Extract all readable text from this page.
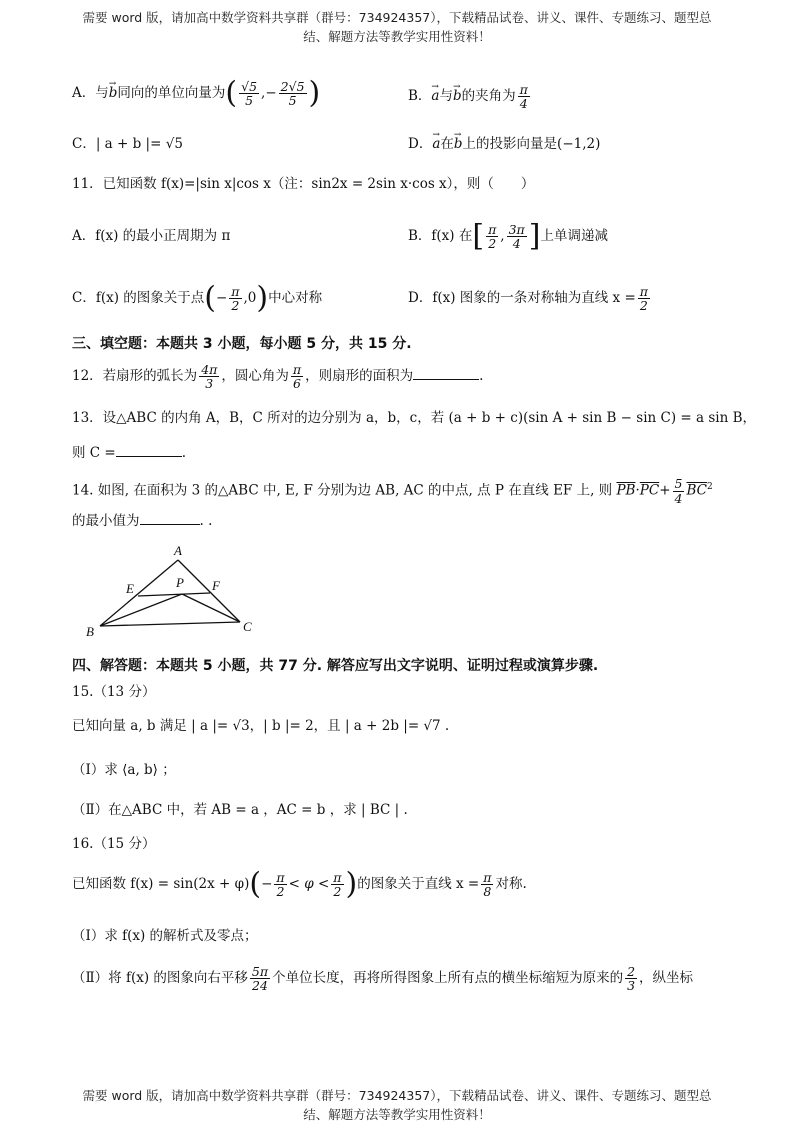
需要 word 版，请加高中数学资料共享群（群号：734924357），下载精品试卷、讲义、课件、专题练习、题型总
结、解题方法等教学实用性资料！
A．与→ b同向的单位向量为( $\frac{√5}{5}$ ,− $\frac{2√5}{5}$ )	B．→ a与→ b的夹角为 $\frac{\pi}{4}$
C．| a + b |= √5	D．→ a在→ b上的投影向量是(−1,2)
11．已知函数 f(x)=|sin x|cos x（注：sin2x = 2sin x·cos x），则（　　）
A．f(x) 的最小正周期为 π	B．f(x) 在[ $\frac{\pi}{2}$ , $\frac{3\pi}{4}$ ]上单调递减
C．f(x) 的图象关于点(− $\frac{\pi}{2} ,0$)中心对称	D．f(x) 图象的一条对称轴为直线 $x = \frac{\pi}{2}$
三、填空题：本题共 3 小题，每小题 5 分，共 15 分.
12．若扇形的弧长为 $\frac{4\pi}{3}$ ，圆心角为 $\frac{\pi}{6}$ ，则扇形的面积为	.
13．设△ABC 的内角 A，B，C 所对的边分别为 a，b，c，若 (a + b + c)(sin A + sin B − sin C) = a sin B，
则 C =	.
14. 如图, 在面积为 3 的△ABC 中, E, F 分别为边 AB, AC 的中点, 点 P 在直线 EF 上, 则 $\overline{PB}\cdot\overline{PC}+ \frac{5}{4} \overline{BC}^2$
的最小值为	. .
A
B	C
E	F
P
四、解答题：本题共 5 小题，共 77 分. 解答应写出文字说明、证明过程或演算步骤.
15.（13 分）
已知向量 a, b 满足 | a |= √3，| b |= 2，且 | a + 2b |= √7 .
（Ⅰ）求 ⟨a, b⟩ ；
（Ⅱ）在△ABC 中，若 AB = a ，AC = b ，求 | BC | .
16.（15 分）
已知函数 $f(x) = \sin(2x + \varphi)(- \frac{\pi}{2} < \varphi < \frac{\pi}{2}$ )的图象关于直线 $x = \frac{\pi}{8}$ 对称.
（Ⅰ）求 f(x) 的解析式及零点；
（Ⅱ）将 f(x) 的图象向右平移 $\frac{5\pi}{24}$ 个单位长度，再将所得图象上所有点的横坐标缩短为原来的 $\frac{2}{3}$ ，纵坐标
需要 word 版，请加高中数学资料共享群（群号：734924357），下载精品试卷、讲义、课件、专题练习、题型总
结、解题方法等教学实用性资料！
